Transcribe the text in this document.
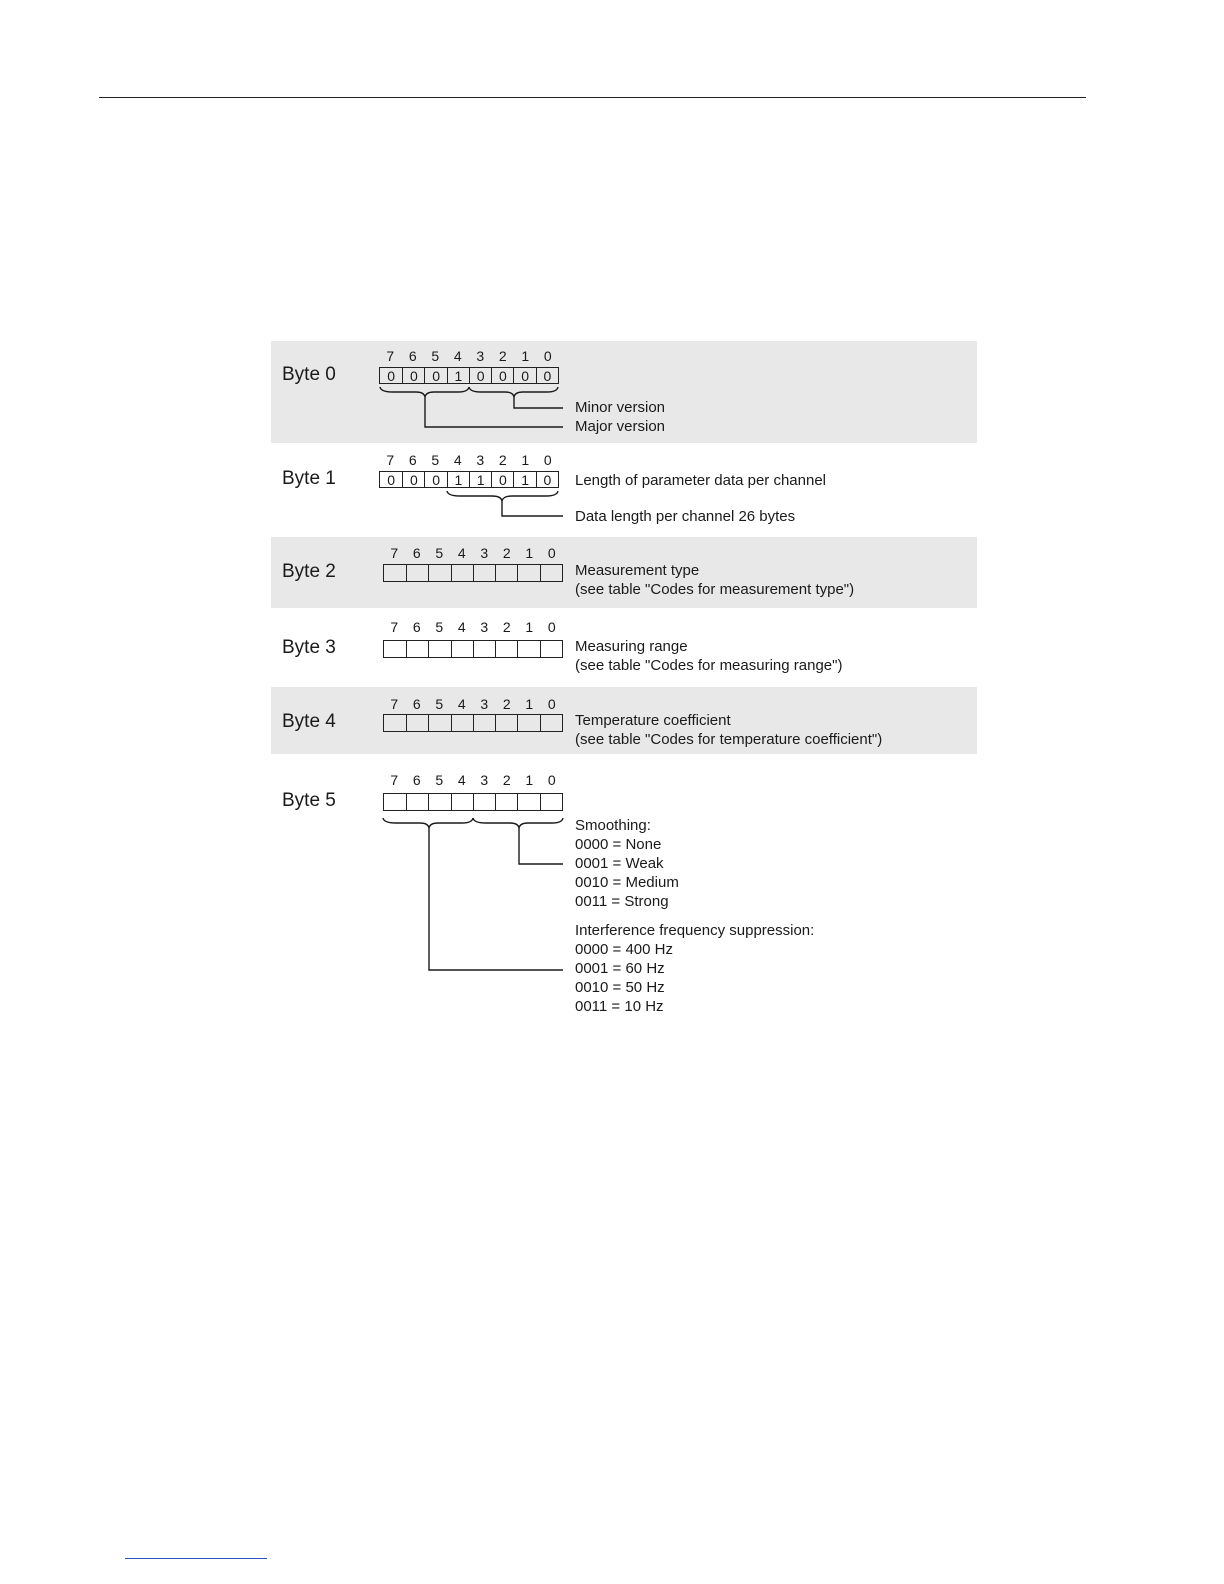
Byte 0
7	6	5	4	3	2	1	0
0	0	0	1	0	0	0	0
Minor version
Major version
Byte 1
7	6	5	4	3	2	1	0
0	0	0	1	1	0	1	0	Length of parameter data per channel
Data length per channel 26 bytes
Byte 2
7	6	5	4	3	2	1	0
Measurement type
(see table "Codes for measurement type")
Byte 3
7	6	5	4	3	2	1	0
Measuring range
(see table "Codes for measuring range")
Byte 4
7	6	5	4	3	2	1	0
Temperature coefficient
(see table "Codes for temperature coefficient")
Byte 5
7	6	5	4	3	2	1	0
Smoothing:
0000 = None
0001 = Weak
0010 = Medium
0011 = Strong
Interference frequency suppression:
0000 = 400 Hz
0001 = 60 Hz
0010 = 50 Hz
0011 = 10 Hz
